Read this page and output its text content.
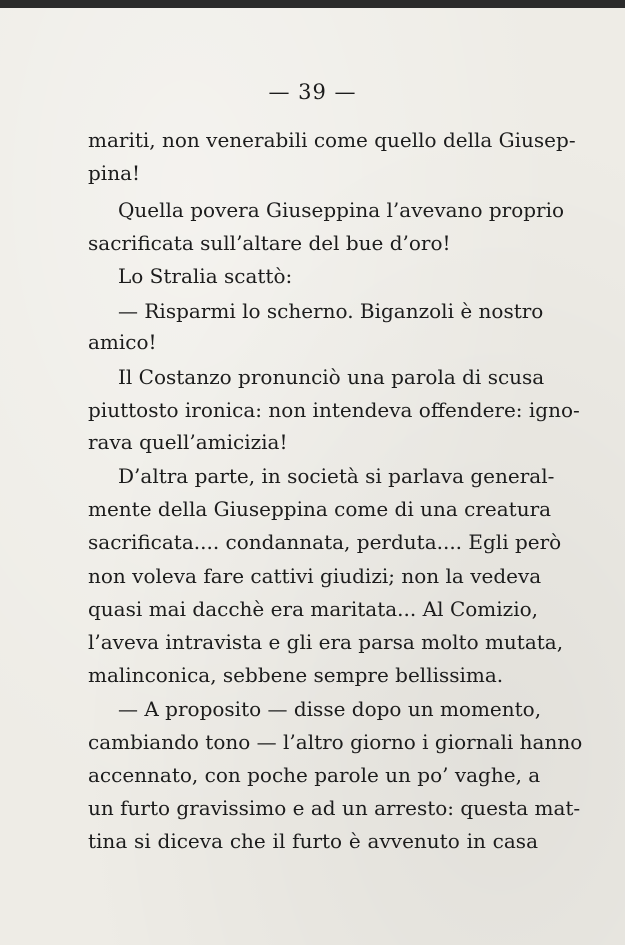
— 39 —
mariti, non venerabili come quello della Giusep-
pina!
Quella povera Giuseppina l’avevano proprio
sacrificata sull’altare del bue d’oro!
Lo Stralia scattò:
— Risparmi lo scherno. Biganzoli è nostro
amico!
Il Costanzo pronunciò una parola di scusa
piuttosto ironica: non intendeva offendere: igno-
rava quell’amicizia!
D’altra parte, in società si parlava general-
mente della Giuseppina come di una creatura
sacrificata.... condannata, perduta.... Egli però
non voleva fare cattivi giudizi; non la vedeva
quasi mai dacchè era maritata... Al Comizio,
l’aveva intravista e gli era parsa molto mutata,
malinconica, sebbene sempre bellissima.
— A proposito — disse dopo un momento,
cambiando tono — l’altro giorno i giornali hanno
accennato, con poche parole un po’ vaghe, a
un furto gravissimo e ad un arresto: questa mat-
tina si diceva che il furto è avvenuto in casa
